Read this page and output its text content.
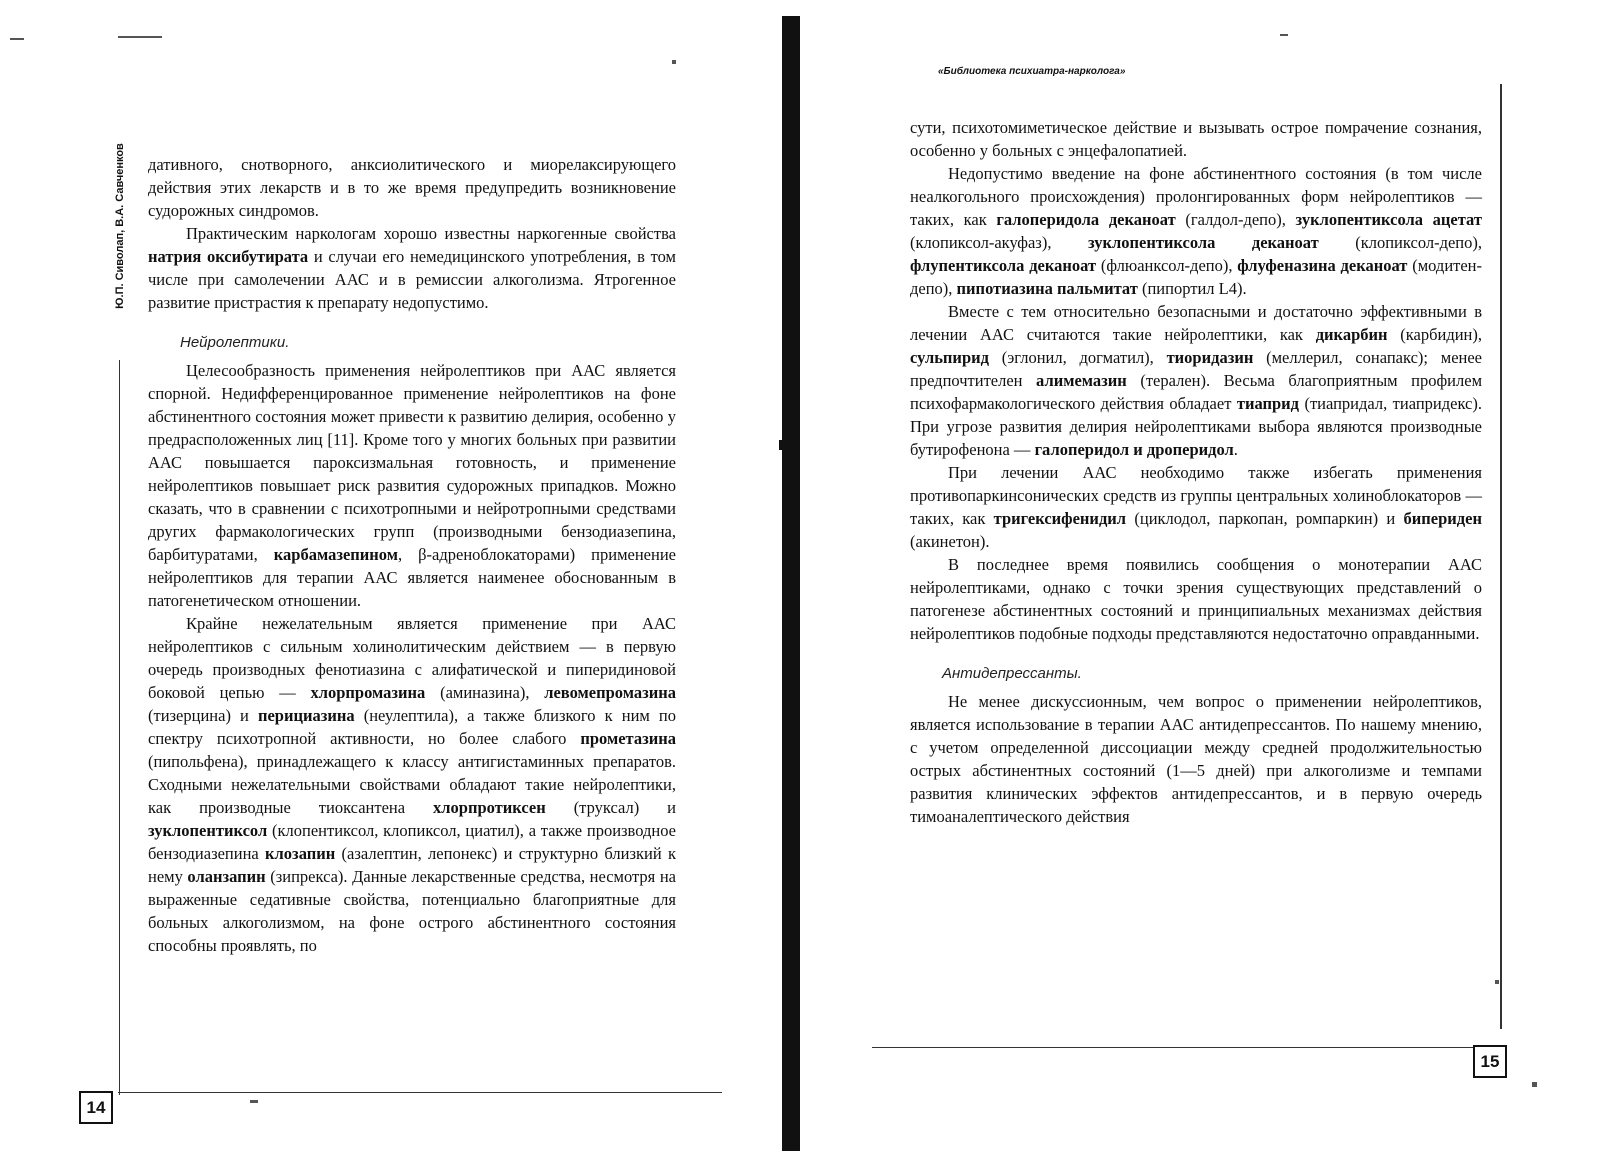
Ю.П. Сиволап, В.А. Савченков дативного, снотворного, анксиолитического и миорелаксирующего действия этих лекарств и в то же время предупредить возникновение судорожных синдромов.

Практическим наркологам хорошо известны наркогенные свойства натрия оксибутирата и случаи его немедицинского употребления, в том числе при самолечении ААС и в ремиссии алкоголизма. Ятрогенное развитие пристрастия к препарату недопустимо.

Нейролептики.

Целесообразность применения нейролептиков при ААС является спорной. Недифференцированное применение нейролептиков на фоне абстинентного состояния может привести к развитию делирия, особенно у предрасположенных лиц [11]. Кроме того у многих больных при развитии ААС повышается пароксизмальная готовность, и применение нейролептиков повышает риск развития судорожных припадков. Можно сказать, что в сравнении с психотропными и нейротропными средствами других фармакологических групп (производными бензодиазепина, барбитуратами, карбамазепином, β-адреноблокаторами) применение нейролептиков для терапии ААС является наименее обоснованным в патогенетическом отношении.

Крайне нежелательным является применение при ААС нейролептиков с сильным холинолитическим действием — в первую очередь производных фенотиазина с алифатической и пиперидиновой боковой цепью — хлорпромазина (аминазина), левомепромазина (тизерцина) и перициазина (неулептила), а также близкого к ним по спектру психотропной активности, но более слабого прометазина (пипольфена), принадлежащего к классу антигистаминных препаратов. Сходными нежелательными свойствами обладают такие нейролептики, как производные тиоксантена хлорпротиксен (труксал) и зуклопентиксол (клопентиксол, клопиксол, циатил), а также производное бензодиазепина клозапин (азалептин, лепонекс) и структурно близкий к нему оланзапин (зипрекса). Данные лекарственные средства, несмотря на выраженные седативные свойства, потенциально благоприятные для больных алкоголизмом, на фоне острого абстинентного состояния способны проявлять, по

14
«Библиотека психиатра-нарколога»

сути, психотомиметическое действие и вызывать острое помрачение сознания, особенно у больных с энцефалопатией.

Недопустимо введение на фоне абстинентного состояния (в том числе неалкогольного происхождения) пролонгированных форм нейролептиков — таких, как галоперидола деканоат (галдол-депо), зуклопентиксола ацетат (клопиксол-акуфаз), зуклопентиксола деканоат (клопиксол-депо), флупентиксола деканоат (флюанксол-депо), флуфеназина деканоат (модитен-депо), пипотиазина пальмитат (пипортил L4).

Вместе с тем относительно безопасными и достаточно эффективными в лечении ААС считаются такие нейролептики, как дикарбин (карбидин), сульпирид (эглонил, догматил), тиоридазин (меллерил, сонапакс); менее предпочтителен алимемазин (терален). Весьма благоприятным профилем психофармакологического действия обладает тиаприд (тиапридал, тиапридекс). При угрозе развития делирия нейролептиками выбора являются производные бутирофенона — галоперидол и дроперидол.

При лечении ААС необходимо также избегать применения противопаркинсонических средств из группы центральных холиноблокаторов — таких, как тригексифенидил (циклодол, паркопан, ромпаркин) и бипериден (акинетон).

В последнее время появились сообщения о монотерапии ААС нейролептиками, однако с точки зрения существующих представлений о патогенезе абстинентных состояний и принципиальных механизмах действия нейролептиков подобные подходы представляются недостаточно оправданными.

Антидепрессанты.

Не менее дискуссионным, чем вопрос о применении нейролептиков, является использование в терапии ААС антидепрессантов. По нашему мнению, с учетом определенной диссоциации между средней продолжительностью острых абстинентных состояний (1—5 дней) при алкоголизме и темпами развития клинических эффектов антидепрессантов, и в первую очередь тимоаналептического действия

15
